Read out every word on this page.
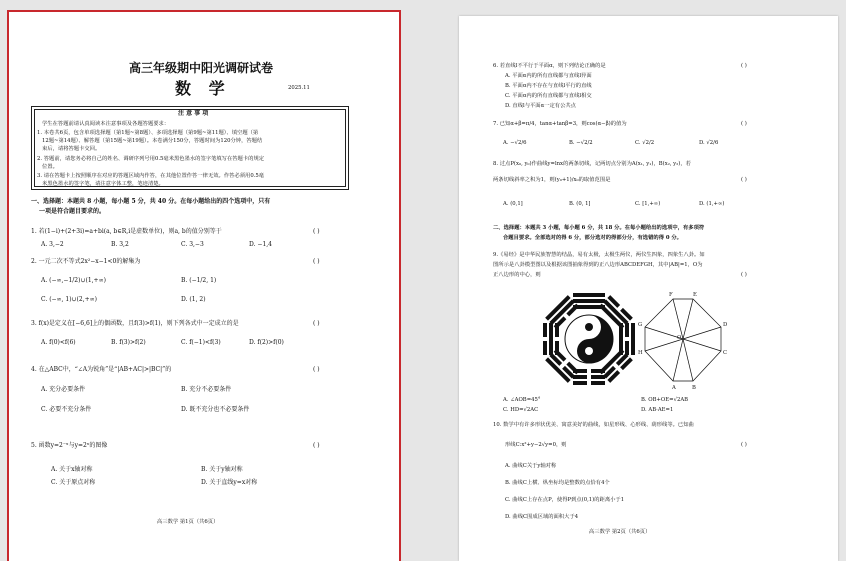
高三年级期中阳光调研试卷
数 学	2025.11
注 意 事 项
学生在答题前请认真阅读本注意事项及各题答题要求：
1. 本卷共6页，包含单项选择题（第1题~第8题）、多项选择题（第9题~第11题）、填空题（第
12题~第14题）、解答题（第15题~第19题）。本卷满分150分，答题时间为120分钟，答题结
束后，请将答题卡交回。
2. 答题前，请您务必将自己的姓名、调研序列号用0.5毫米黑色墨水的签字笔填写在答题卡的规定
位置。
3. 请在答题卡上按照顺序在对应的答题区域内作答，在其他位置作答一律无效。作答必须用0.5毫
米黑色墨水的签字笔，请注意字体工整，笔迹清楚。
一、选择题：本题共 8 小题，每小题 5 分，共 40 分。在每小题给出的四个选项中，只有
一项是符合题目要求的。
1. 若(1−i)+(2+3i)=a+bi(a, b∈R,i是虚数单位)，则a, b的值分别等于	( )
A. 3,−2	B. 3,2	C. 3,−3	D. −1,4
2. 一元二次不等式2x²−x−1<0的解集为	( )
A. (−∞,−1/2)∪(1,+∞)	B. (−1/2, 1)
C. (−∞, 1)∪(2,+∞)	D. (1, 2)
3. f(x)是定义在[−6,6]上的偶函数，且f(3)>f(1)，则下列各式中一定成立的是	( )
A. f(0)<f(6)	B. f(3)>f(2)	C. f(−1)<f(3)	D. f(2)>f(0)
4. 在△ABC中，“∠A为锐角”是“|AB+AC|>|BC|”的	( )
A. 充分必要条件	B. 充分不必要条件
C. 必要不充分条件	D. 既不充分也不必要条件
5. 函数y=2⁻ˣ与y=2ˣ的图像	( )
A. 关于x轴对称	B. 关于y轴对称
C. 关于原点对称	D. 关于直线y=x对称
高三数学 第1页（共6页）
6. 若直线l不平行于平面α，则下列结论正确的是	( )
A. 平面α内的所有直线都与直线l异面
B. 平面α内不存在与直线l平行的直线
C. 平面α内的所有直线都与直线l相交
D. 直线l与平面α一定有公共点
7. 已知α+β=π/4，tanα+tanβ=3，则cos(α−β)的值为	( )
A. −√2/6	B. −√2/2	C. √2/2	D. √2/6
8. 过点P(x₀, y₀)作曲线y=lnx的两条切线，记两切点分别为A(x₁, y₁)，B(x₂, y₂)，若
两条切线斜率之积为1，则(y₀+1)/x₀的取值范围是	( )
A. (0,1]	B. (0, 1]	C. [1,+∞)	D. (1,+∞)
二、选择题：本题共 3 小题，每小题 6 分，共 18 分。在每小题给出的选项中，有多项符
合题目要求。全部选对的得 6 分，部分选对的得部分分，有选错的得 0 分。
9.《易经》是中华民族智慧的结晶，易有太极，太极生两仪，两仪生四象，四象生八卦。如
图所示是八卦模型图以及根据该图抽象得到的正八边形ABCDEFGH，其中|AB|=1，O为
正八边形的中心，则	( )
A	B
C
D
E
F
G
H
O
A. ∠AOB=45°	B. OB+OE=√2AB
C. HD=√2AC	D. AB·AE=1
10. 数学中有许多形状优美、寓意美好的曲线，如星形线、心形线、葫形线等。已知曲
形线C:x²+y−2√y=0，则	( )
A. 曲线C关于y轴对称
B. 曲线C上横、纵坐标均是整数的点恰有4个
C. 曲线C上存在点P，使得P到点(0,1)的距离小于1
D. 曲线C围成区域的面积大于4
高三数学 第2页（共6页）
